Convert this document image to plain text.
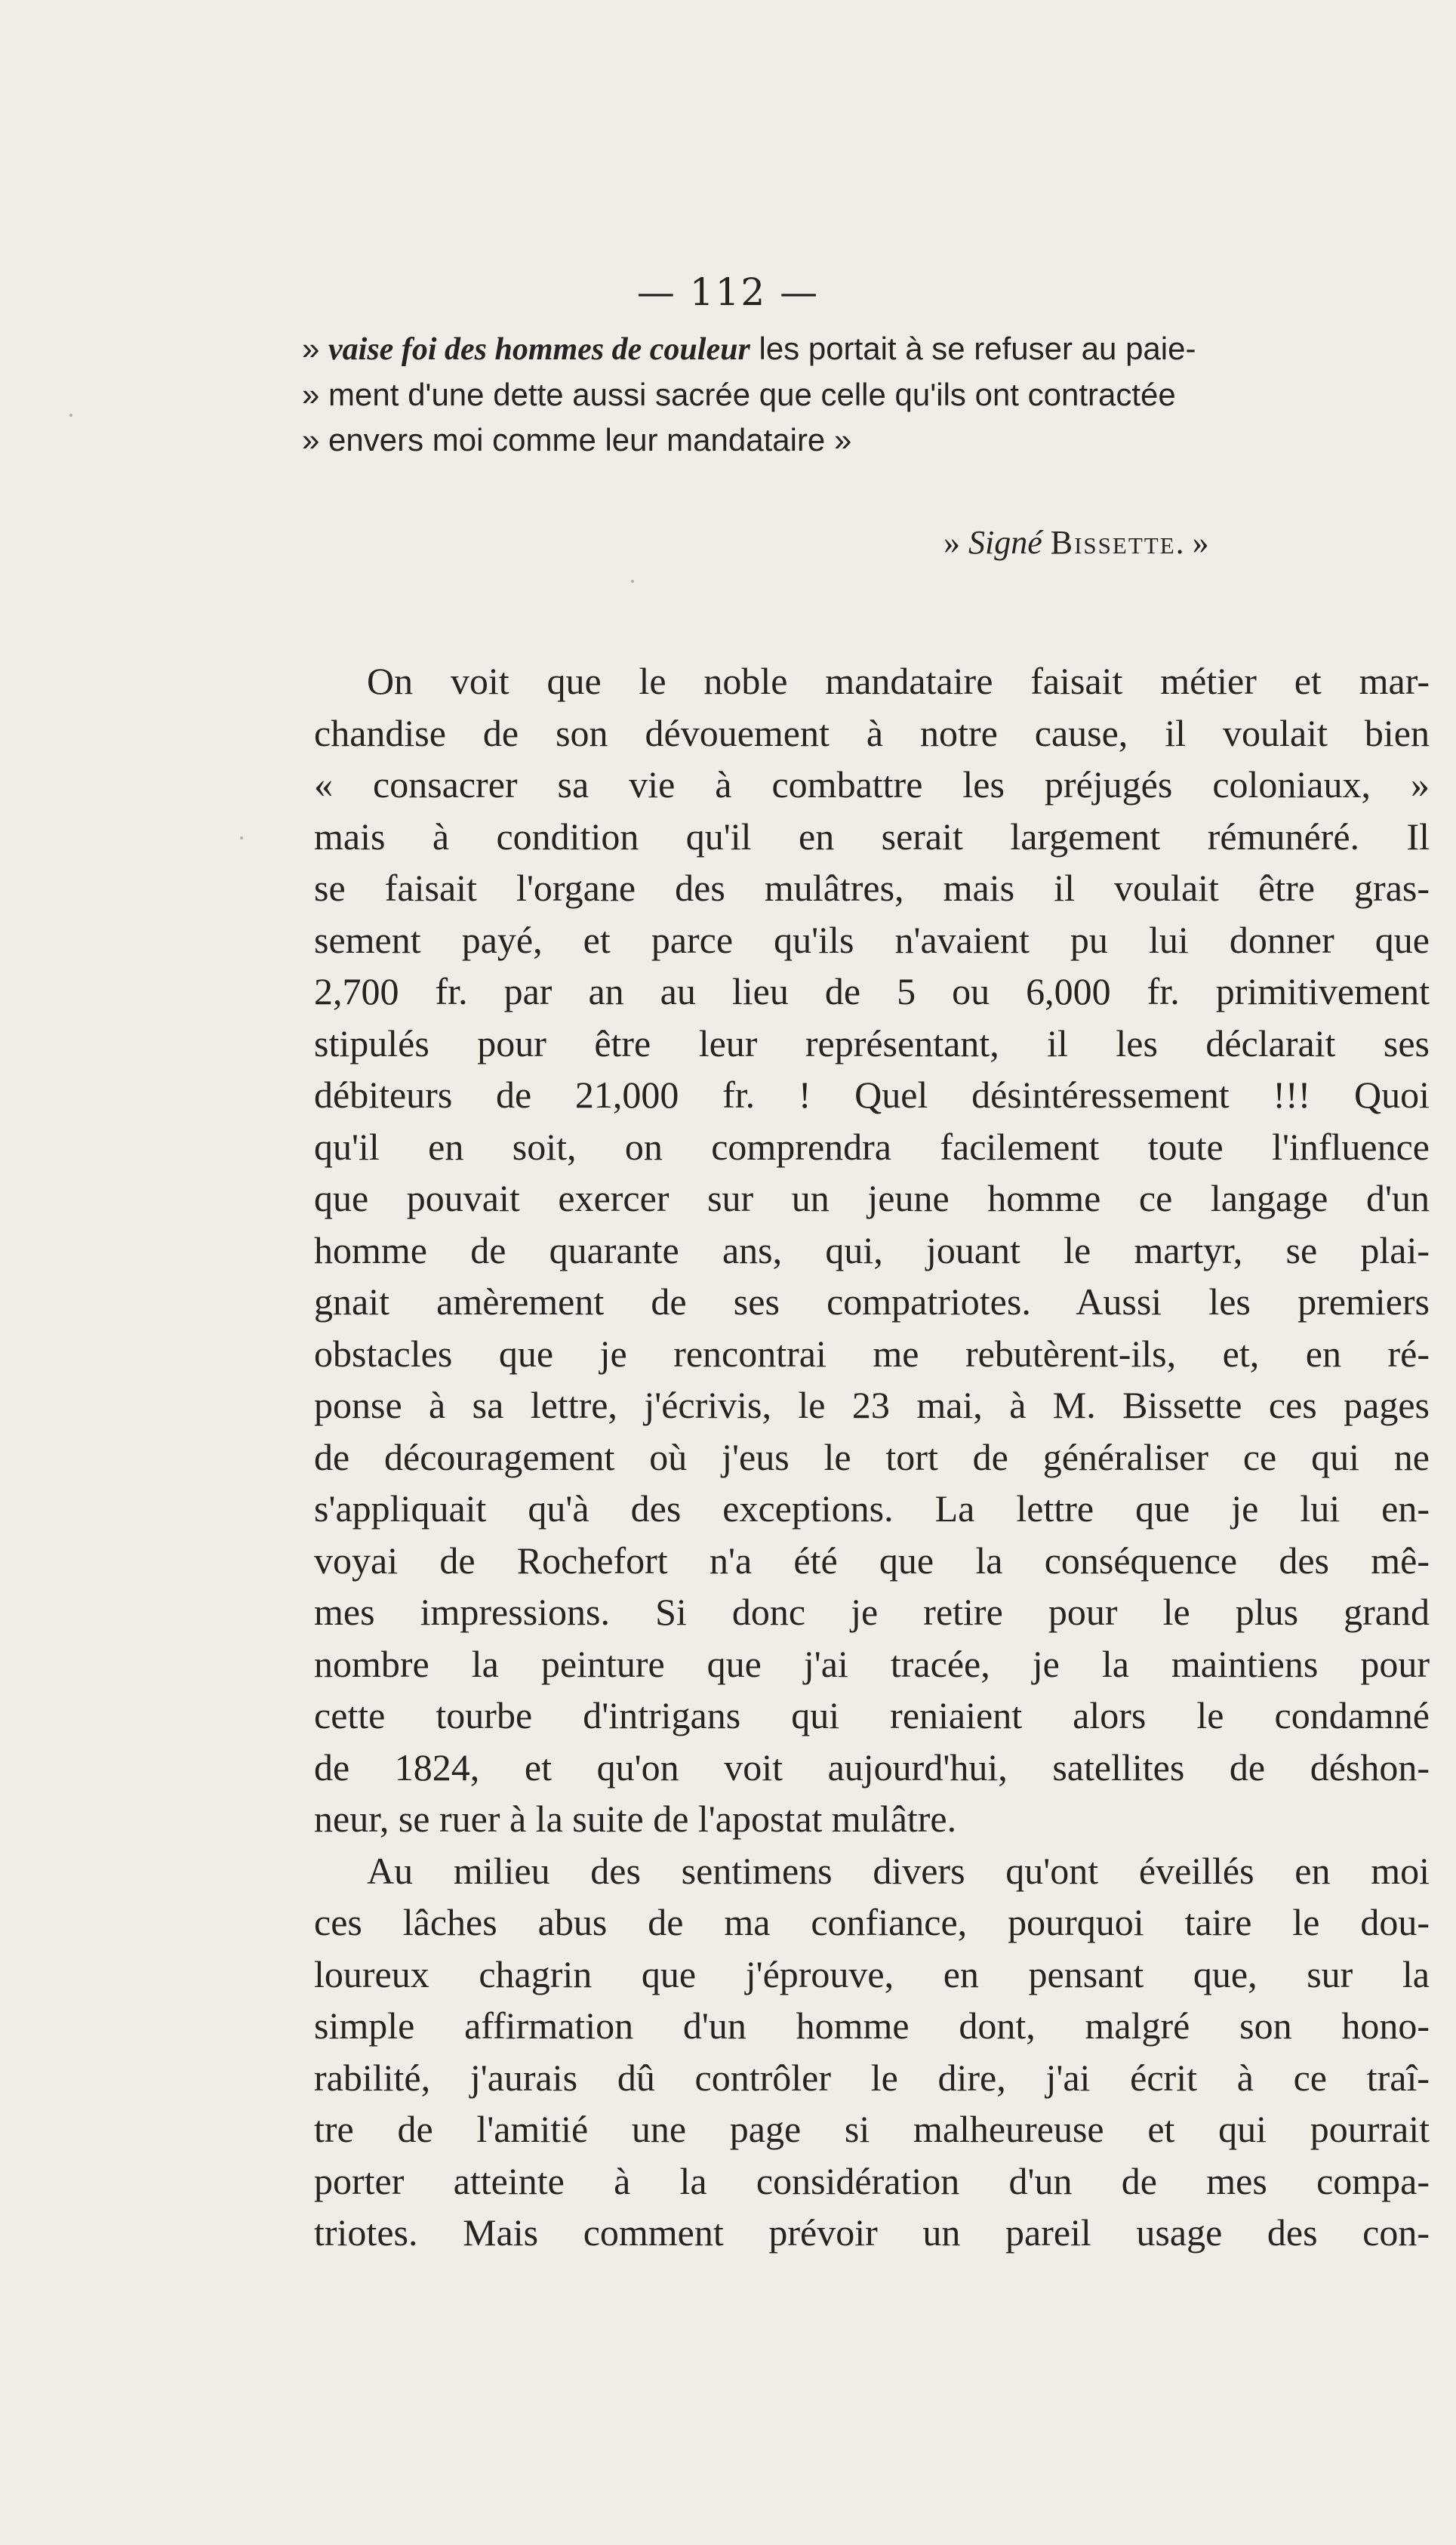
— 112 —
» vaise foi des hommes de couleur les portait à se refuser au paie-
» ment d'une dette aussi sacrée que celle qu'ils ont contractée
» envers moi comme leur mandataire »
» Signé Bissette. »
On voit que le noble mandataire faisait métier et mar-
chandise de son dévouement à notre cause, il voulait bien
« consacrer sa vie à combattre les préjugés coloniaux, »
mais à condition qu'il en serait largement rémunéré. Il
se faisait l'organe des mulâtres, mais il voulait être gras-
sement payé, et parce qu'ils n'avaient pu lui donner que
2,700 fr. par an au lieu de 5 ou 6,000 fr. primitivement
stipulés pour être leur représentant, il les déclarait ses
débiteurs de 21,000 fr. ! Quel désintéressement !!! Quoi
qu'il en soit, on comprendra facilement toute l'influence
que pouvait exercer sur un jeune homme ce langage d'un
homme de quarante ans, qui, jouant le martyr, se plai-
gnait amèrement de ses compatriotes. Aussi les premiers
obstacles que je rencontrai me rebutèrent-ils, et, en ré-
ponse à sa lettre, j'écrivis, le 23 mai, à M. Bissette ces pages
de découragement où j'eus le tort de généraliser ce qui ne
s'appliquait qu'à des exceptions. La lettre que je lui en-
voyai de Rochefort n'a été que la conséquence des mê-
mes impressions. Si donc je retire pour le plus grand
nombre la peinture que j'ai tracée, je la maintiens pour
cette tourbe d'intrigans qui reniaient alors le condamné
de 1824, et qu'on voit aujourd'hui, satellites de déshon-
neur, se ruer à la suite de l'apostat mulâtre.
Au milieu des sentimens divers qu'ont éveillés en moi
ces lâches abus de ma confiance, pourquoi taire le dou-
loureux chagrin que j'éprouve, en pensant que, sur la
simple affirmation d'un homme dont, malgré son hono-
rabilité, j'aurais dû contrôler le dire, j'ai écrit à ce traî-
tre de l'amitié une page si malheureuse et qui pourrait
porter atteinte à la considération d'un de mes compa-
triotes. Mais comment prévoir un pareil usage des con-
